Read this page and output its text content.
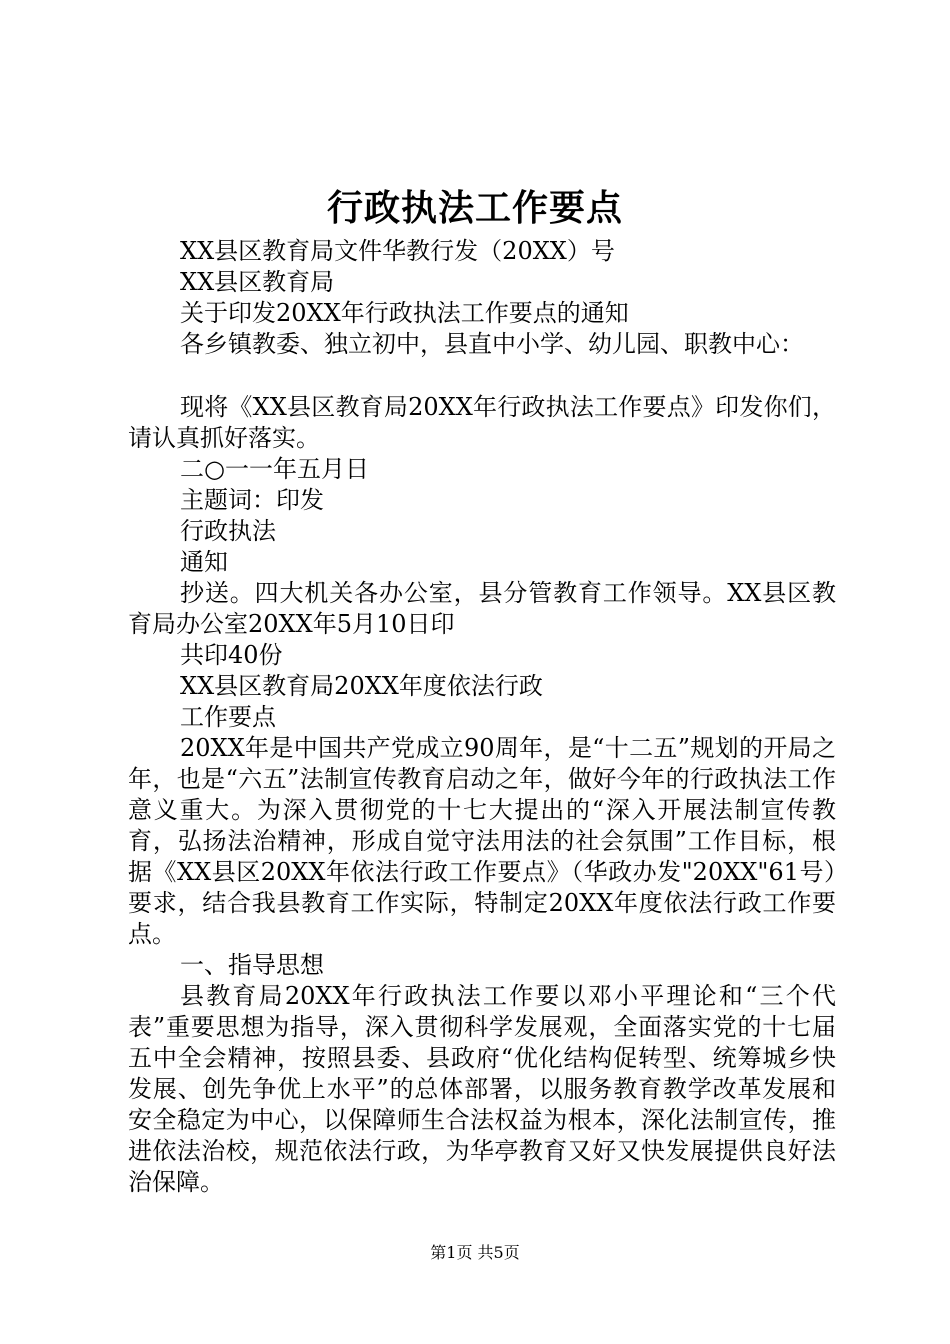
行政执法工作要点
XX县区教育局文件华教行发（20XX）号
XX县区教育局
关于印发20XX年行政执法工作要点的通知
各乡镇教委、独立初中，县直中小学、幼儿园、职教中心：
现将《XX县区教育局20XX年行政执法工作要点》印发你们，请认真抓好落实。
二○一一年五月日
主题词：印发
行政执法
通知
抄送。四大机关各办公室，县分管教育工作领导。XX县区教育局办公室20XX年5月10日印
共印40份
XX县区教育局20XX年度依法行政
工作要点
20XX年是中国共产党成立90周年，是“十二五”规划的开局之年，也是“六五”法制宣传教育启动之年，做好今年的行政执法工作意义重大。为深入贯彻党的十七大提出的“深入开展法制宣传教育，弘扬法治精神，形成自觉守法用法的社会氛围”工作目标，根据《XX县区20XX年依法行政工作要点》（华政办发"20XX"61号）要求，结合我县教育工作实际，特制定20XX年度依法行政工作要点。
一、指导思想
县教育局20XX年行政执法工作要以邓小平理论和“三个代表”重要思想为指导，深入贯彻科学发展观，全面落实党的十七届五中全会精神，按照县委、县政府“优化结构促转型、统筹城乡快发展、创先争优上水平”的总体部署，以服务教育教学改革发展和安全稳定为中心，以保障师生合法权益为根本，深化法制宣传，推进依法治校，规范依法行政，为华亭教育又好又快发展提供良好法治保障。
第1页 共5页
